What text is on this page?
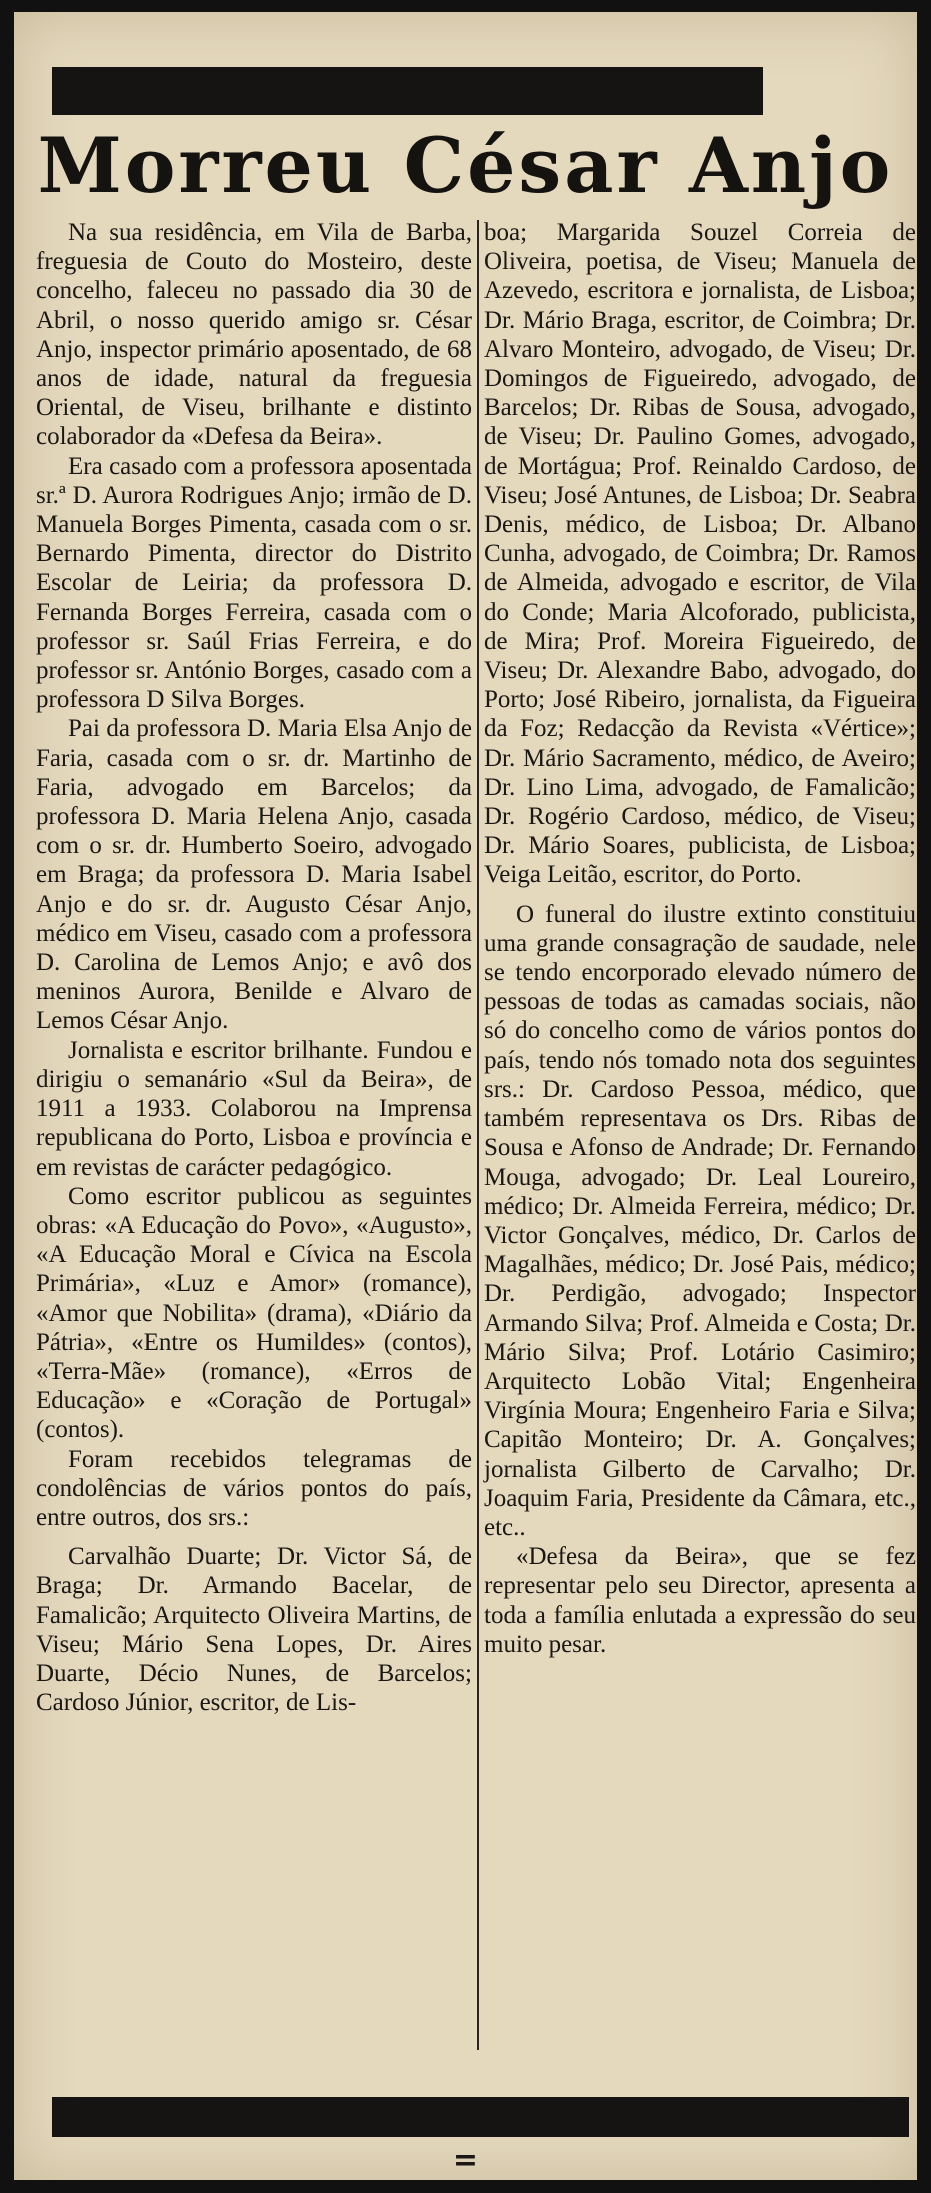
Morreu César Anjo

Na sua residência, em Vila de Barba, freguesia de Couto do Mosteiro, deste concelho, faleceu no passado dia 30 de Abril, o nosso querido amigo sr. César Anjo, inspector primário aposentado, de 68 anos de idade, natural da freguesia Oriental, de Viseu, brilhante e distinto colaborador da «Defesa da Beira».

Era casado com a professora aposentada sr.ª D. Aurora Rodrigues Anjo; irmão de D. Manuela Borges Pimenta, casada com o sr. Bernardo Pimenta, director do Distrito Escolar de Leiria; da professora D. Fernanda Borges Ferreira, casada com o professor sr. Saúl Frias Ferreira, e do professor sr. António Borges, casado com a professora D Silva Borges.

Pai da professora D. Maria Elsa Anjo de Faria, casada com o sr. dr. Martinho de Faria, advogado em Barcelos; da professora D. Maria Helena Anjo, casada com o sr. dr. Humberto Soeiro, advogado em Braga; da professora D. Maria Isabel Anjo e do sr. dr. Augusto César Anjo, médico em Viseu, casado com a professora D. Carolina de Lemos Anjo; e avô dos meninos Aurora, Benilde e Alvaro de Lemos César Anjo.

Jornalista e escritor brilhante. Fundou e dirigiu o semanário «Sul da Beira», de 1911 a 1933. Colaborou na Imprensa republicana do Porto, Lisboa e província e em revistas de carácter pedagógico.

Como escritor publicou as seguintes obras: «A Educação do Povo», «Augusto», «A Educação Moral e Cívica na Escola Primária», «Luz e Amor» (romance), «Amor que Nobilita» (drama), «Diário da Pátria», «Entre os Humildes» (contos), «Terra-Mãe» (romance), «Erros de Educação» e «Coração de Portugal» (contos).

Foram recebidos telegramas de condolências de vários pontos do país, entre outros, dos srs.:

Carvalhão Duarte; Dr. Victor Sá, de Braga; Dr. Armando Bacelar, de Famalicão; Arquitecto Oliveira Martins, de Viseu; Mário Sena Lopes, Dr. Aires Duarte, Décio Nunes, de Barcelos; Cardoso Júnior, escritor, de Lis-

boa; Margarida Souzel Correia de Oliveira, poetisa, de Viseu; Manuela de Azevedo, escritora e jornalista, de Lisboa; Dr. Mário Braga, escritor, de Coimbra; Dr. Alvaro Monteiro, advogado, de Viseu; Dr. Domingos de Figueiredo, advogado, de Barcelos; Dr. Ribas de Sousa, advogado, de Viseu; Dr. Paulino Gomes, advogado, de Mortágua; Prof. Reinaldo Cardoso, de Viseu; José Antunes, de Lisboa; Dr. Seabra Denis, médico, de Lisboa; Dr. Albano Cunha, advogado, de Coimbra; Dr. Ramos de Almeida, advogado e escritor, de Vila do Conde; Maria Alcoforado, publicista, de Mira; Prof. Moreira Figueiredo, de Viseu; Dr. Alexandre Babo, advogado, do Porto; José Ribeiro, jornalista, da Figueira da Foz; Redacção da Revista «Vértice»; Dr. Mário Sacramento, médico, de Aveiro; Dr. Lino Lima, advogado, de Famalicão; Dr. Rogério Cardoso, médico, de Viseu; Dr. Mário Soares, publicista, de Lisboa; Veiga Leitão, escritor, do Porto.

O funeral do ilustre extinto constituiu uma grande consagração de saudade, nele se tendo encorporado elevado número de pessoas de todas as camadas sociais, não só do concelho como de vários pontos do país, tendo nós tomado nota dos seguintes srs.: Dr. Cardoso Pessoa, médico, que também representava os Drs. Ribas de Sousa e Afonso de Andrade; Dr. Fernando Mouga, advogado; Dr. Leal Loureiro, médico; Dr. Almeida Ferreira, médico; Dr. Victor Gonçalves, médico, Dr. Carlos de Magalhães, médico; Dr. José Pais, médico; Dr. Perdigão, advogado; Inspector Armando Silva; Prof. Almeida e Costa; Dr. Mário Silva; Prof. Lotário Casimiro; Arquitecto Lobão Vital; Engenheira Virgínia Moura; Engenheiro Faria e Silva; Capitão Monteiro; Dr. A. Gonçalves; jornalista Gilberto de Carvalho; Dr. Joaquim Faria, Presidente da Câmara, etc., etc..

«Defesa da Beira», que se fez representar pelo seu Director, apresenta a toda a família enlutada a expressão do seu muito pesar.

=
